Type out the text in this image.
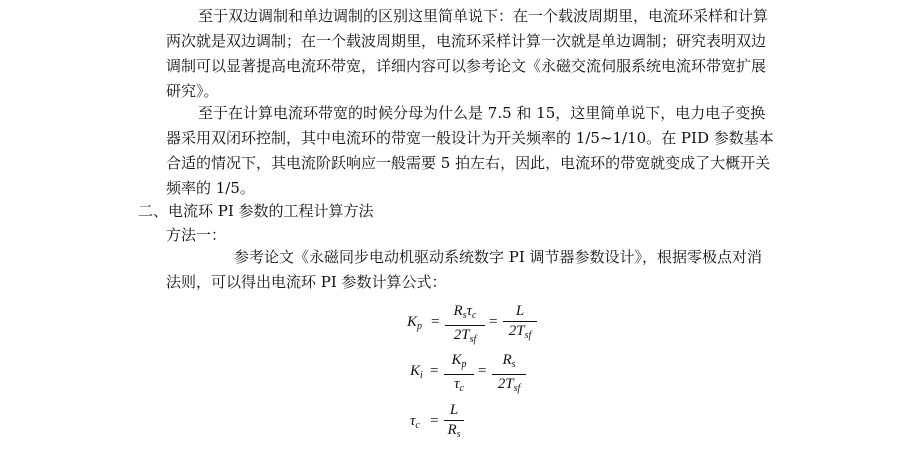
至于双边调制和单边调制的区别这里简单说下：在一个载波周期里，电流环采样和计算两次就是双边调制；在一个载波周期里，电流环采样计算一次就是单边调制；研究表明双边调制可以显著提高电流环带宽，详细内容可以参考论文《永磁交流伺服系统电流环带宽扩展研究》。

至于在计算电流环带宽的时候分母为什么是 7.5 和 15，这里简单说下，电力电子变换器采用双闭环控制，其中电流环的带宽一般设计为开关频率的 1/5~1/10。在 PID 参数基本合适的情况下，其电流阶跃响应一般需要 5 拍左右，因此，电流环的带宽就变成了大概开关频率的 1/5。

二、电流环 PI 参数的工程计算方法
方法一：

参考论文《永磁同步电动机驱动系统数字 PI 调节器参数设计》，根据零极点对消法则，可以得出电流环 PI 参数计算公式：

$K_p$ =
$R_s\tau_c$
$2T_{sf}$
=
L
$2T_{sf}$
$K_i$ =
$K_p$
$\tau_c$
=
$R_s$
$2T_{sf}$
$\tau_c$ =
L
$R_s$
